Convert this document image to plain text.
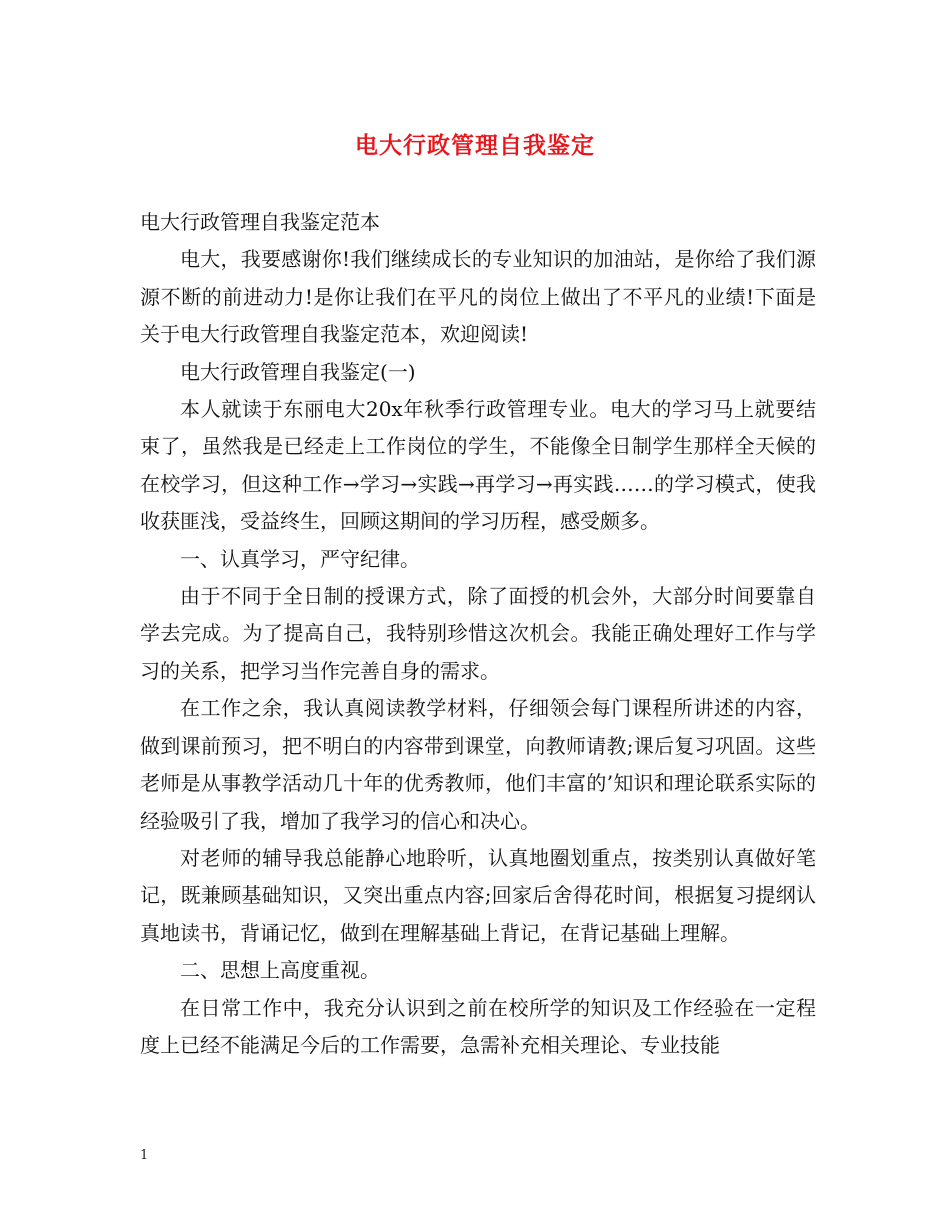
电大行政管理自我鉴定

电大行政管理自我鉴定范本

电大，我要感谢你!我们继续成长的专业知识的加油站，是你给了我们源源不断的前进动力!是你让我们在平凡的岗位上做出了不平凡的业绩!下面是关于电大行政管理自我鉴定范本，欢迎阅读!

电大行政管理自我鉴定(一)

本人就读于东丽电大20x年秋季行政管理专业。电大的学习马上就要结束了，虽然我是已经走上工作岗位的学生，不能像全日制学生那样全天候的在校学习，但这种工作→学习→实践→再学习→再实践……的学习模式，使我收获匪浅，受益终生，回顾这期间的学习历程，感受颇多。

一、认真学习，严守纪律。

由于不同于全日制的授课方式，除了面授的机会外，大部分时间要靠自学去完成。为了提高自己，我特别珍惜这次机会。我能正确处理好工作与学习的关系，把学习当作完善自身的需求。

在工作之余，我认真阅读教学材料，仔细领会每门课程所讲述的内容，做到课前预习，把不明白的内容带到课堂，向教师请教;课后复习巩固。这些老师是从事教学活动几十年的优秀教师，他们丰富的’知识和理论联系实际的经验吸引了我，增加了我学习的信心和决心。

对老师的辅导我总能静心地聆听，认真地圈划重点，按类别认真做好笔记，既兼顾基础知识，又突出重点内容;回家后舍得花时间，根据复习提纲认真地读书，背诵记忆，做到在理解基础上背记，在背记基础上理解。

二、思想上高度重视。

在日常工作中，我充分认识到之前在校所学的知识及工作经验在一定程度上已经不能满足今后的工作需要，急需补充相关理论、专业技能

1
